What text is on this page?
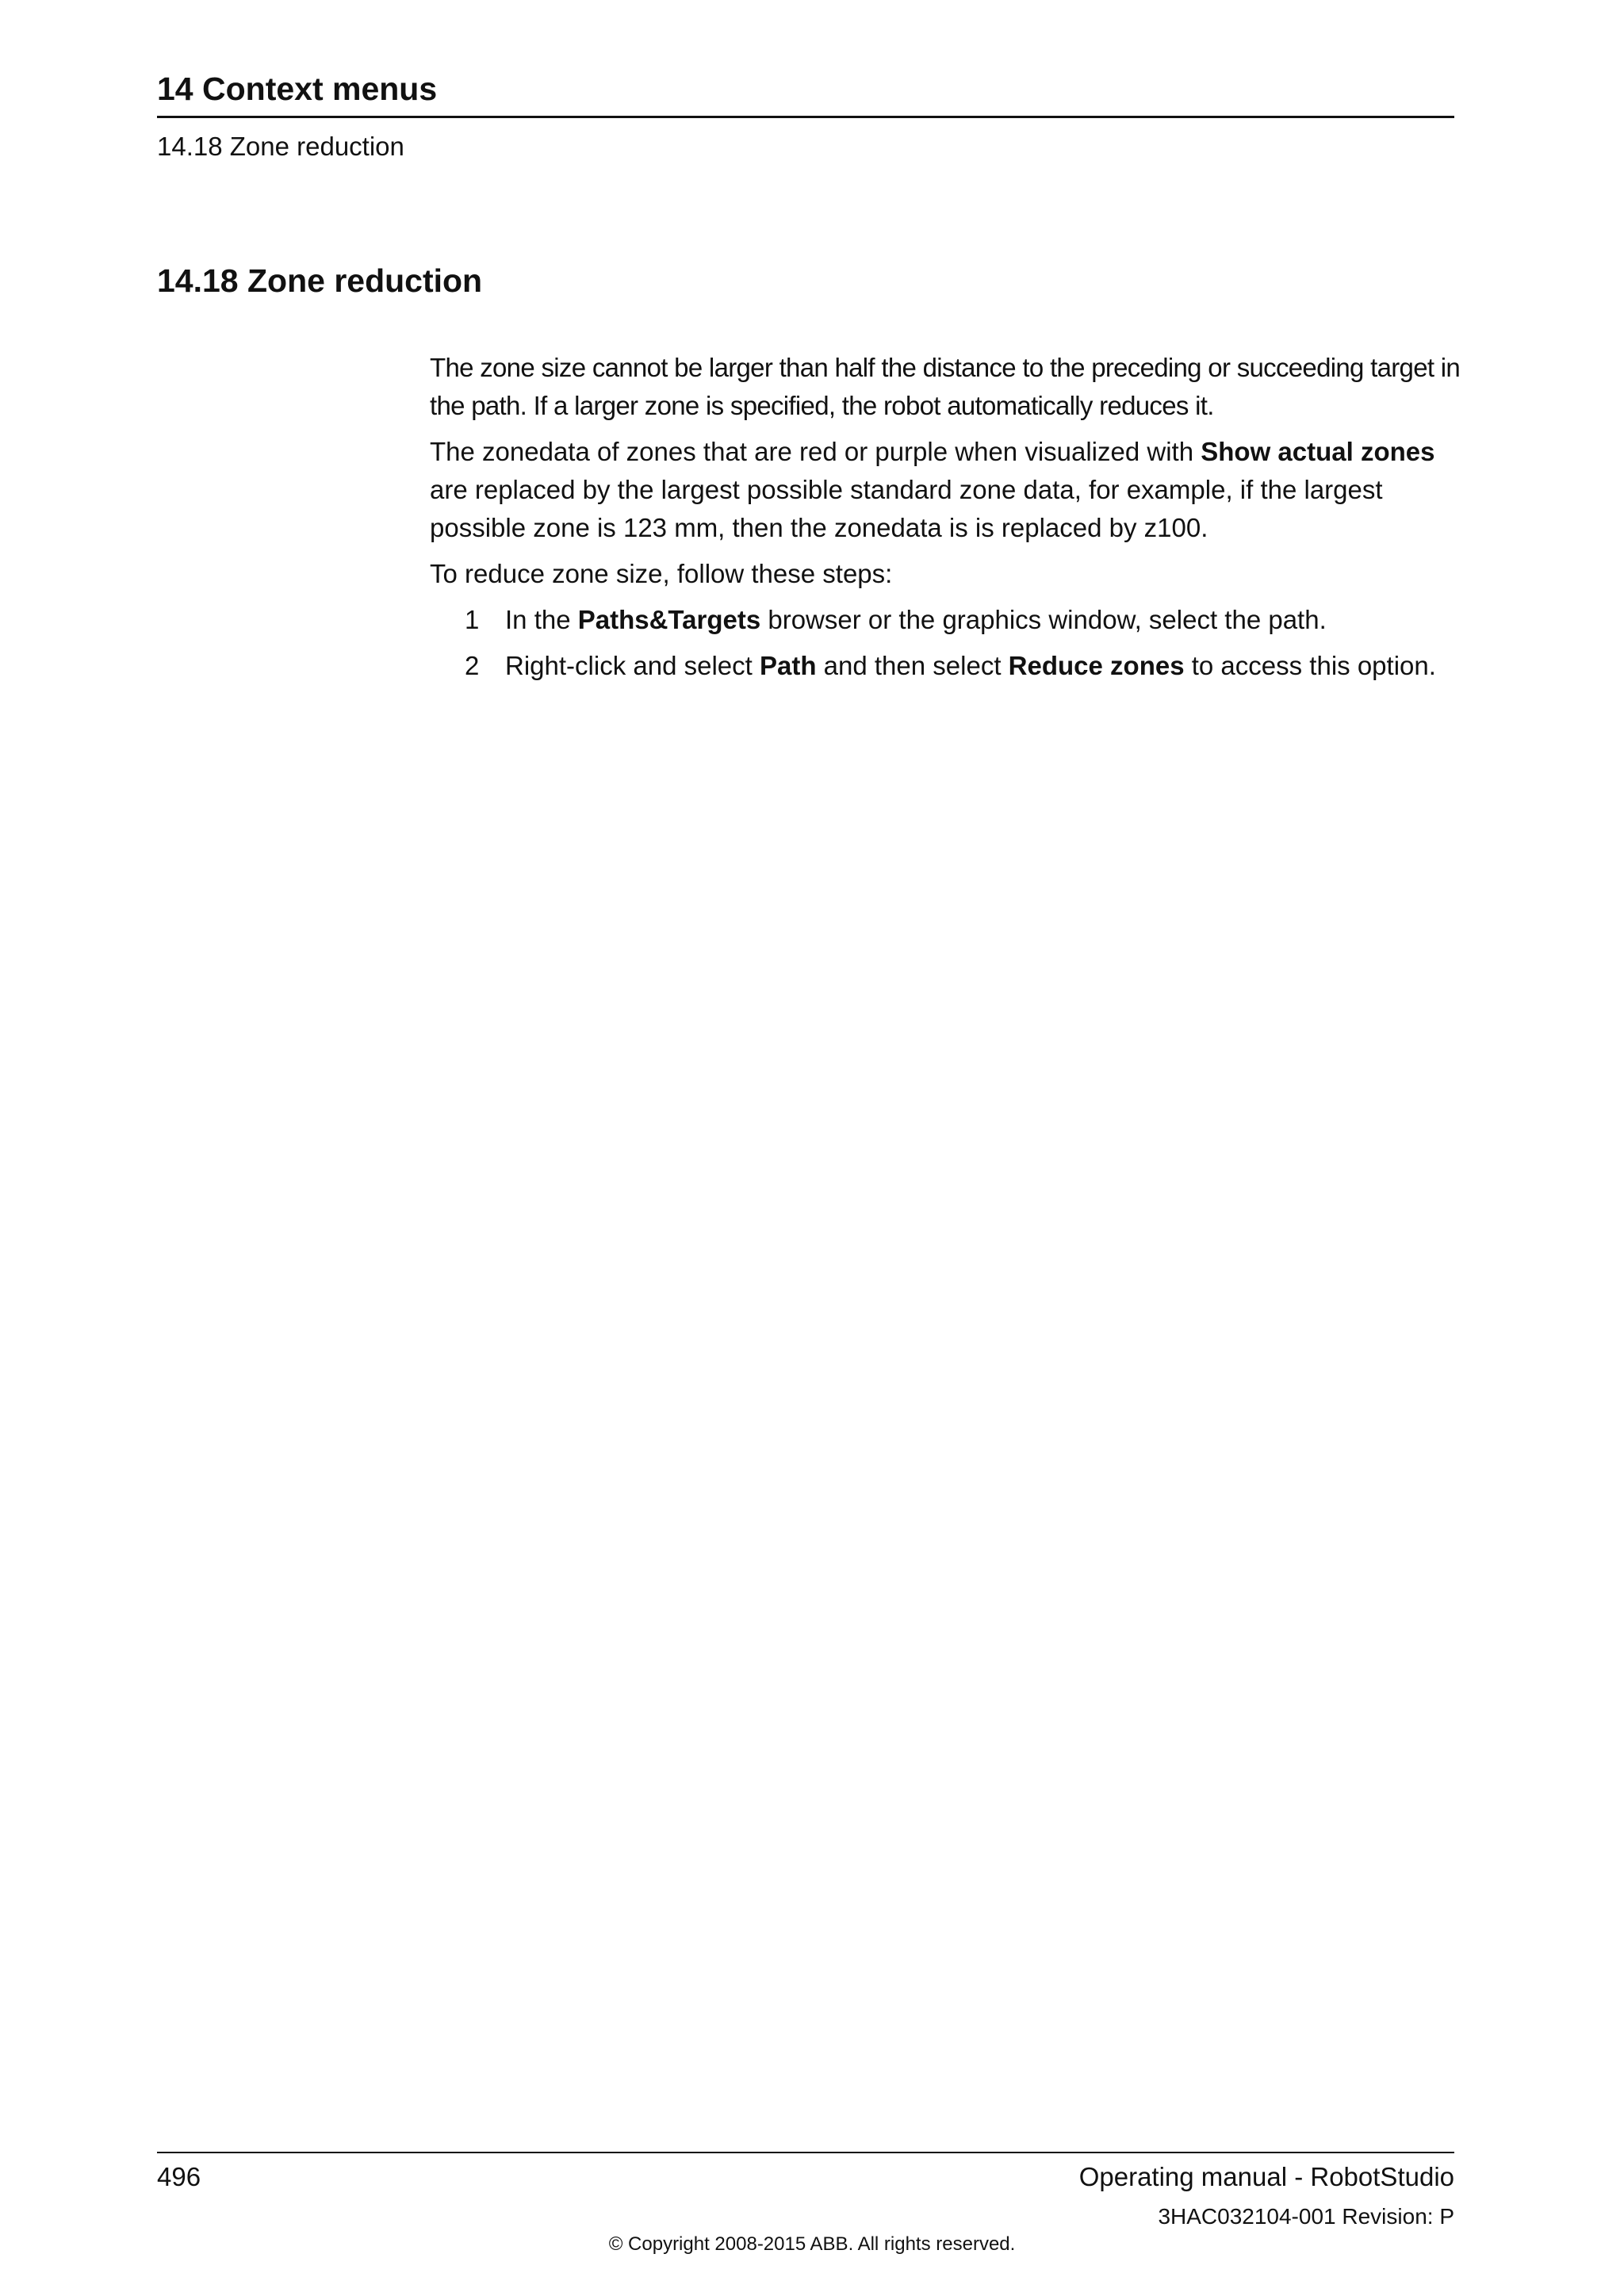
14 Context menus
14.18 Zone reduction
14.18 Zone reduction

The zone size cannot be larger than half the distance to the preceding or succeeding target in the path. If a larger zone is specified, the robot automatically reduces it.

The zonedata of zones that are red or purple when visualized with Show actual zones are replaced by the largest possible standard zone data, for example, if the largest possible zone is 123 mm, then the zonedata is is replaced by z100.

To reduce zone size, follow these steps:

1 In the Paths&Targets browser or the graphics window, select the path.
2 Right-click and select Path and then select Reduce zones to access this option.
496	Operating manual - RobotStudio
3HAC032104-001 Revision: P
© Copyright 2008-2015 ABB. All rights reserved.
